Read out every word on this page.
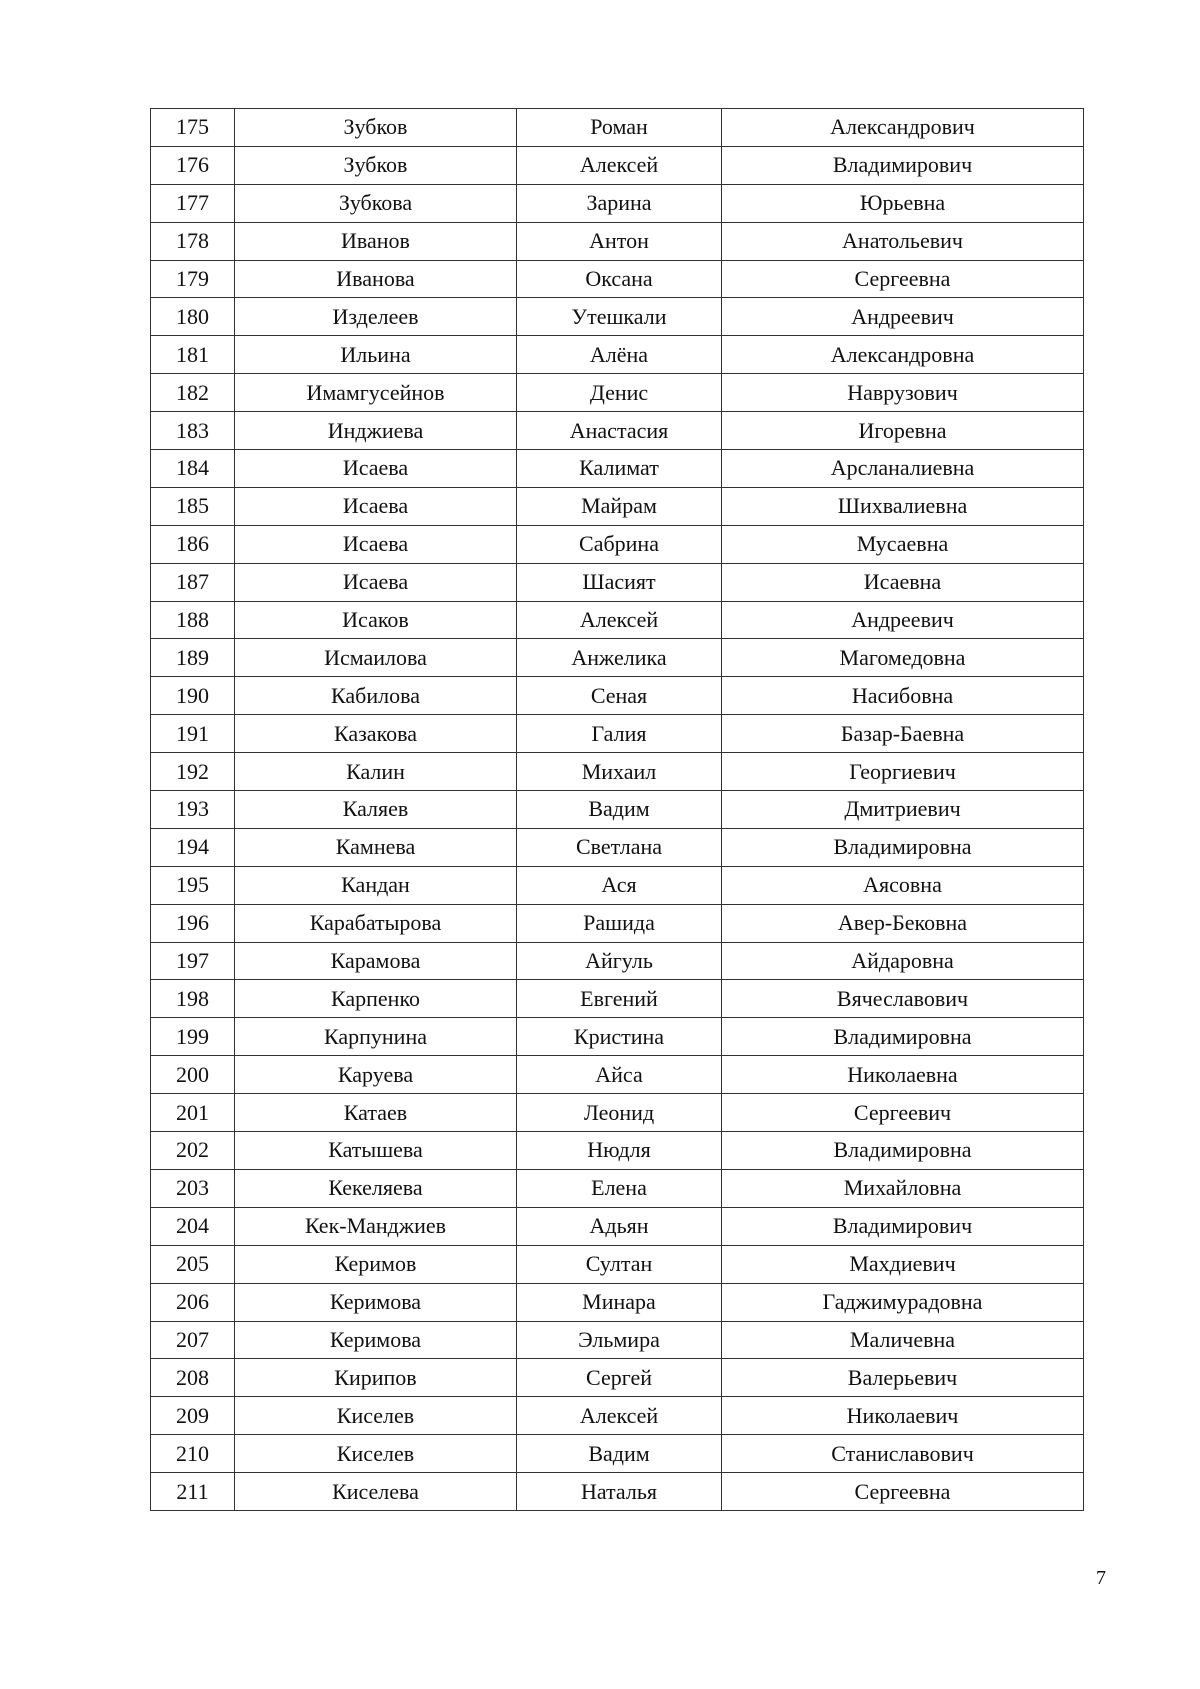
175	Зубков	Роман	Александрович
176	Зубков	Алексей	Владимирович
177	Зубкова	Зарина	Юрьевна
178	Иванов	Антон	Анатольевич
179	Иванова	Оксана	Сергеевна
180	Изделеев	Утешкали	Андреевич
181	Ильина	Алёна	Александровна
182	Имамгусейнов	Денис	Наврузович
183	Инджиева	Анастасия	Игоревна
184	Исаева	Калимат	Арсланалиевна
185	Исаева	Майрам	Шихвалиевна
186	Исаева	Сабрина	Мусаевна
187	Исаева	Шасият	Исаевна
188	Исаков	Алексей	Андреевич
189	Исмаилова	Анжелика	Магомедовна
190	Кабилова	Сеная	Насибовна
191	Казакова	Галия	Базар-Баевна
192	Калин	Михаил	Георгиевич
193	Каляев	Вадим	Дмитриевич
194	Камнева	Светлана	Владимировна
195	Кандан	Ася	Аясовна
196	Карабатырова	Рашида	Авер-Бековна
197	Карамова	Айгуль	Айдаровна
198	Карпенко	Евгений	Вячеславович
199	Карпунина	Кристина	Владимировна
200	Каруева	Айса	Николаевна
201	Катаев	Леонид	Сергеевич
202	Катышева	Нюдля	Владимировна
203	Кекеляева	Елена	Михайловна
204	Кек-Манджиев	Адьян	Владимирович
205	Керимов	Султан	Махдиевич
206	Керимова	Минара	Гаджимурадовна
207	Керимова	Эльмира	Маличевна
208	Кирипов	Сергей	Валерьевич
209	Киселев	Алексей	Николаевич
210	Киселев	Вадим	Станиславович
211	Киселева	Наталья	Сергеевна
7
